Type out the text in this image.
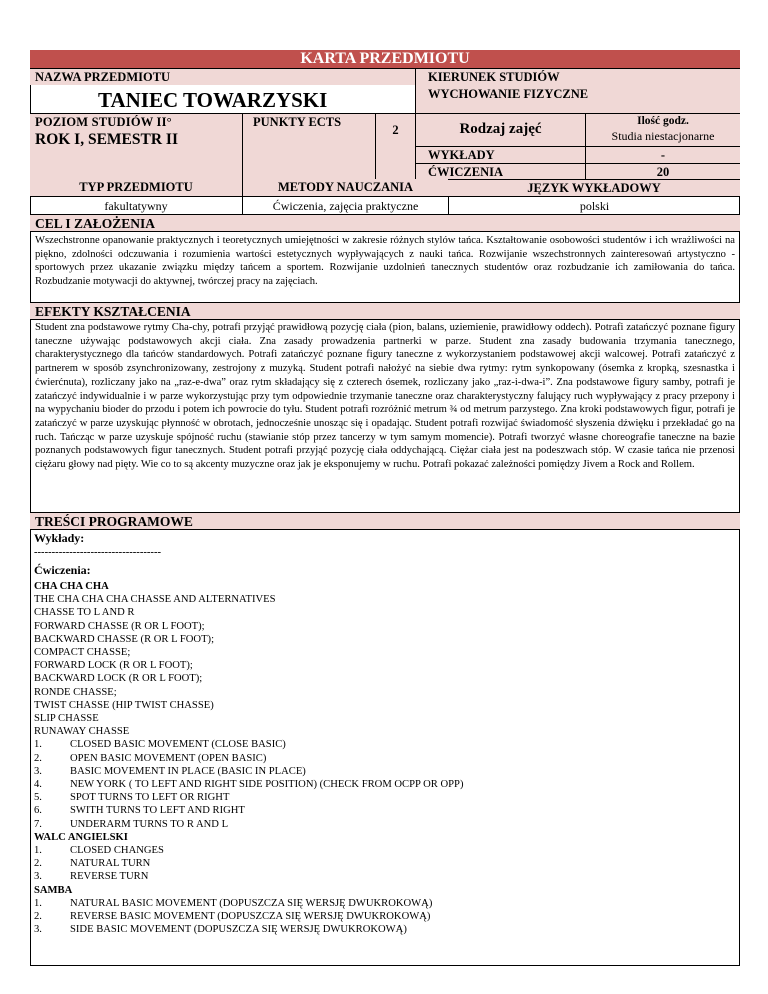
KARTA PRZEDMIOTU
NAZWA PRZEDMIOTU	KIERUNEK STUDIÓW
WYCHOWANIE FIZYCZNE
TANIEC TOWARZYSKI
POZIOM STUDIÓW II°
ROK I, SEMESTR II
PUNKTY ECTS
2	Rodzaj zajęć	Ilość godz.
Studia niestacjonarne
WYKŁADY	-
ĆWICZENIA	20
TYP PRZEDMIOTU	METODY NAUCZANIA	JĘZYK WYKŁADOWY
fakultatywny	Ćwiczenia, zajęcia praktyczne	polski
CEL I ZAŁOŻENIA
Wszechstronne opanowanie praktycznych i teoretycznych umiejętności w zakresie różnych stylów tańca. Kształtowanie osobowości studentów i ich wrażliwości na piękno, zdolności odczuwania i rozumienia wartości estetycznych wypływających z nauki tańca. Rozwijanie wszechstronnych zainteresowań artystyczno - sportowych przez ukazanie związku między tańcem a sportem. Rozwijanie uzdolnień tanecznych studentów oraz rozbudzanie ich zamiłowania do tańca. Rozbudzanie motywacji do aktywnej, twórczej pracy na zajęciach.
EFEKTY KSZTAŁCENIA
Student zna podstawowe rytmy Cha-chy, potrafi przyjąć prawidłową pozycję ciała (pion, balans, uziemienie, prawidłowy oddech). Potrafi zatańczyć poznane figury taneczne używając podstawowych akcji ciała. Zna zasady prowadzenia partnerki w parze. Student zna zasady budowania trzymania tanecznego, charakterystycznego dla tańców standardowych. Potrafi zatańczyć poznane figury taneczne z wykorzystaniem podstawowej akcji walcowej. Potrafi zatańczyć z partnerem w sposób zsynchronizowany, zestrojony z muzyką. Student potrafi nałożyć na siebie dwa rytmy: rytm synkopowany (ósemka z kropką, szesnastka i ćwierćnuta), rozliczany jako na „raz-e-dwa” oraz rytm składający się z czterech ósemek, rozliczany jako „raz-i-dwa-i”. Zna podstawowe figury samby, potrafi je zatańczyć indywidualnie i w parze wykorzystując przy tym odpowiednie trzymanie taneczne oraz charakterystyczny falujący ruch wypływający z pracy przepony i na wypychaniu bioder do przodu i potem ich powrocie do tyłu. Student potrafi rozróżnić metrum ¾ od metrum parzystego. Zna kroki podstawowych figur, potrafi je zatańczyć w parze uzyskując płynność w obrotach, jednocześnie unosząc się i opadając. Student potrafi rozwijać świadomość słyszenia dźwięku i przekładać go na ruch. Tańcząc w parze uzyskuje spójność ruchu (stawianie stóp przez tancerzy w tym samym momencie). Potrafi tworzyć własne choreografie taneczne na bazie poznanych podstawowych figur tanecznych. Student potrafi przyjąć pozycję ciała oddychającą. Ciężar ciała jest na podeszwach stóp. W czasie tańca nie przenosi ciężaru głowy nad pięty. Wie co to są akcenty muzyczne oraz jak je eksponujemy w ruchu. Potrafi pokazać zależności pomiędzy Jivem a Rock and Rollem.
TREŚCI PROGRAMOWE
Wykłady:
------------------------------------
Ćwiczenia:
CHA CHA CHA
THE CHA CHA CHA CHASSE AND ALTERNATIVES
CHASSE TO L AND R
FORWARD CHASSE (R OR L FOOT);
BACKWARD CHASSE (R OR L FOOT);
COMPACT CHASSE;
FORWARD LOCK (R OR L FOOT);
BACKWARD LOCK (R OR L FOOT);
RONDE CHASSE;
TWIST CHASSE (HIP TWIST CHASSE)
SLIP CHASSE
RUNAWAY CHASSE
1.	CLOSED BASIC MOVEMENT (CLOSE BASIC)
2.	OPEN BASIC MOVEMENT (OPEN BASIC)
3.	BASIC MOVEMENT IN PLACE (BASIC IN PLACE)
4.	NEW YORK ( TO LEFT AND RIGHT SIDE POSITION) (CHECK FROM OCPP OR OPP)
5.	SPOT TURNS TO LEFT OR RIGHT
6.	SWITH TURNS TO LEFT AND RIGHT
7.	UNDERARM TURNS TO R AND L
WALC ANGIELSKI
1.	CLOSED CHANGES
2.	NATURAL TURN
3.	REVERSE TURN
SAMBA
1.	NATURAL BASIC MOVEMENT (DOPUSZCZA SIĘ WERSJĘ DWUKROKOWĄ)
2.	REVERSE BASIC MOVEMENT (DOPUSZCZA SIĘ WERSJĘ DWUKROKOWĄ)
3.	SIDE BASIC MOVEMENT (DOPUSZCZA SIĘ WERSJĘ DWUKROKOWĄ)
